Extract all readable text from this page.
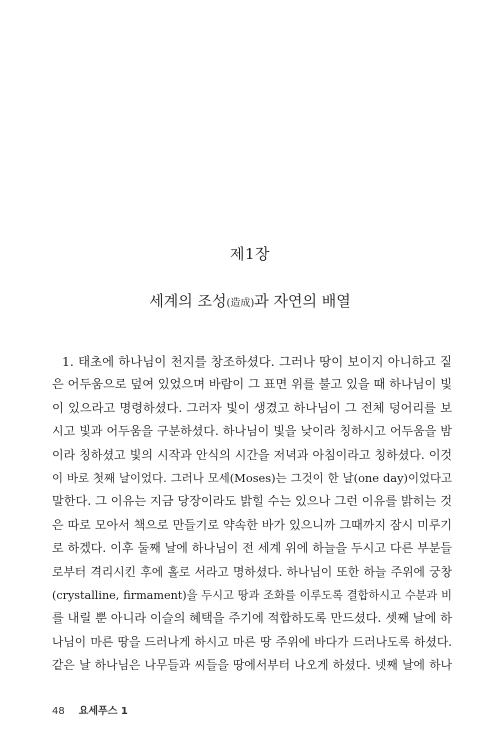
제1장
세계의 조성(造成)과 자연의 배열
1. 태초에 하나님이 천지를 창조하셨다. 그러나 땅이 보이지 아니하고 짙
은 어두움으로 덮여 있었으며 바람이 그 표면 위를 불고 있을 때 하나님이 빛
이 있으라고 명령하셨다. 그러자 빛이 생겼고 하나님이 그 전체 덩어리를 보
시고 빛과 어두움을 구분하셨다. 하나님이 빛을 낮이라 칭하시고 어두움을 밤
이라 칭하셨고 빛의 시작과 안식의 시간을 저녁과 아침이라고 칭하셨다. 이것
이 바로 첫째 날이었다. 그러나 모세(Moses)는 그것이 한 날(one day)이었다고
말한다. 그 이유는 지금 당장이라도 밝힐 수는 있으나 그런 이유를 밝히는 것
은 따로 모아서 책으로 만들기로 약속한 바가 있으니까 그때까지 잠시 미루기
로 하겠다. 이후 둘째 날에 하나님이 전 세계 위에 하늘을 두시고 다른 부분들
로부터 격리시킨 후에 홀로 서라고 명하셨다. 하나님이 또한 하늘 주위에 궁창
(crystalline, firmament)을 두시고 땅과 조화를 이루도록 결합하시고 수분과 비
를 내릴 뿐 아니라 이슬의 혜택을 주기에 적합하도록 만드셨다. 셋째 날에 하
나님이 마른 땅을 드러나게 하시고 마른 땅 주위에 바다가 드러나도록 하셨다.
같은 날 하나님은 나무들과 씨들을 땅에서부터 나오게 하셨다. 넷째 날에 하나
48 요세푸스 1
